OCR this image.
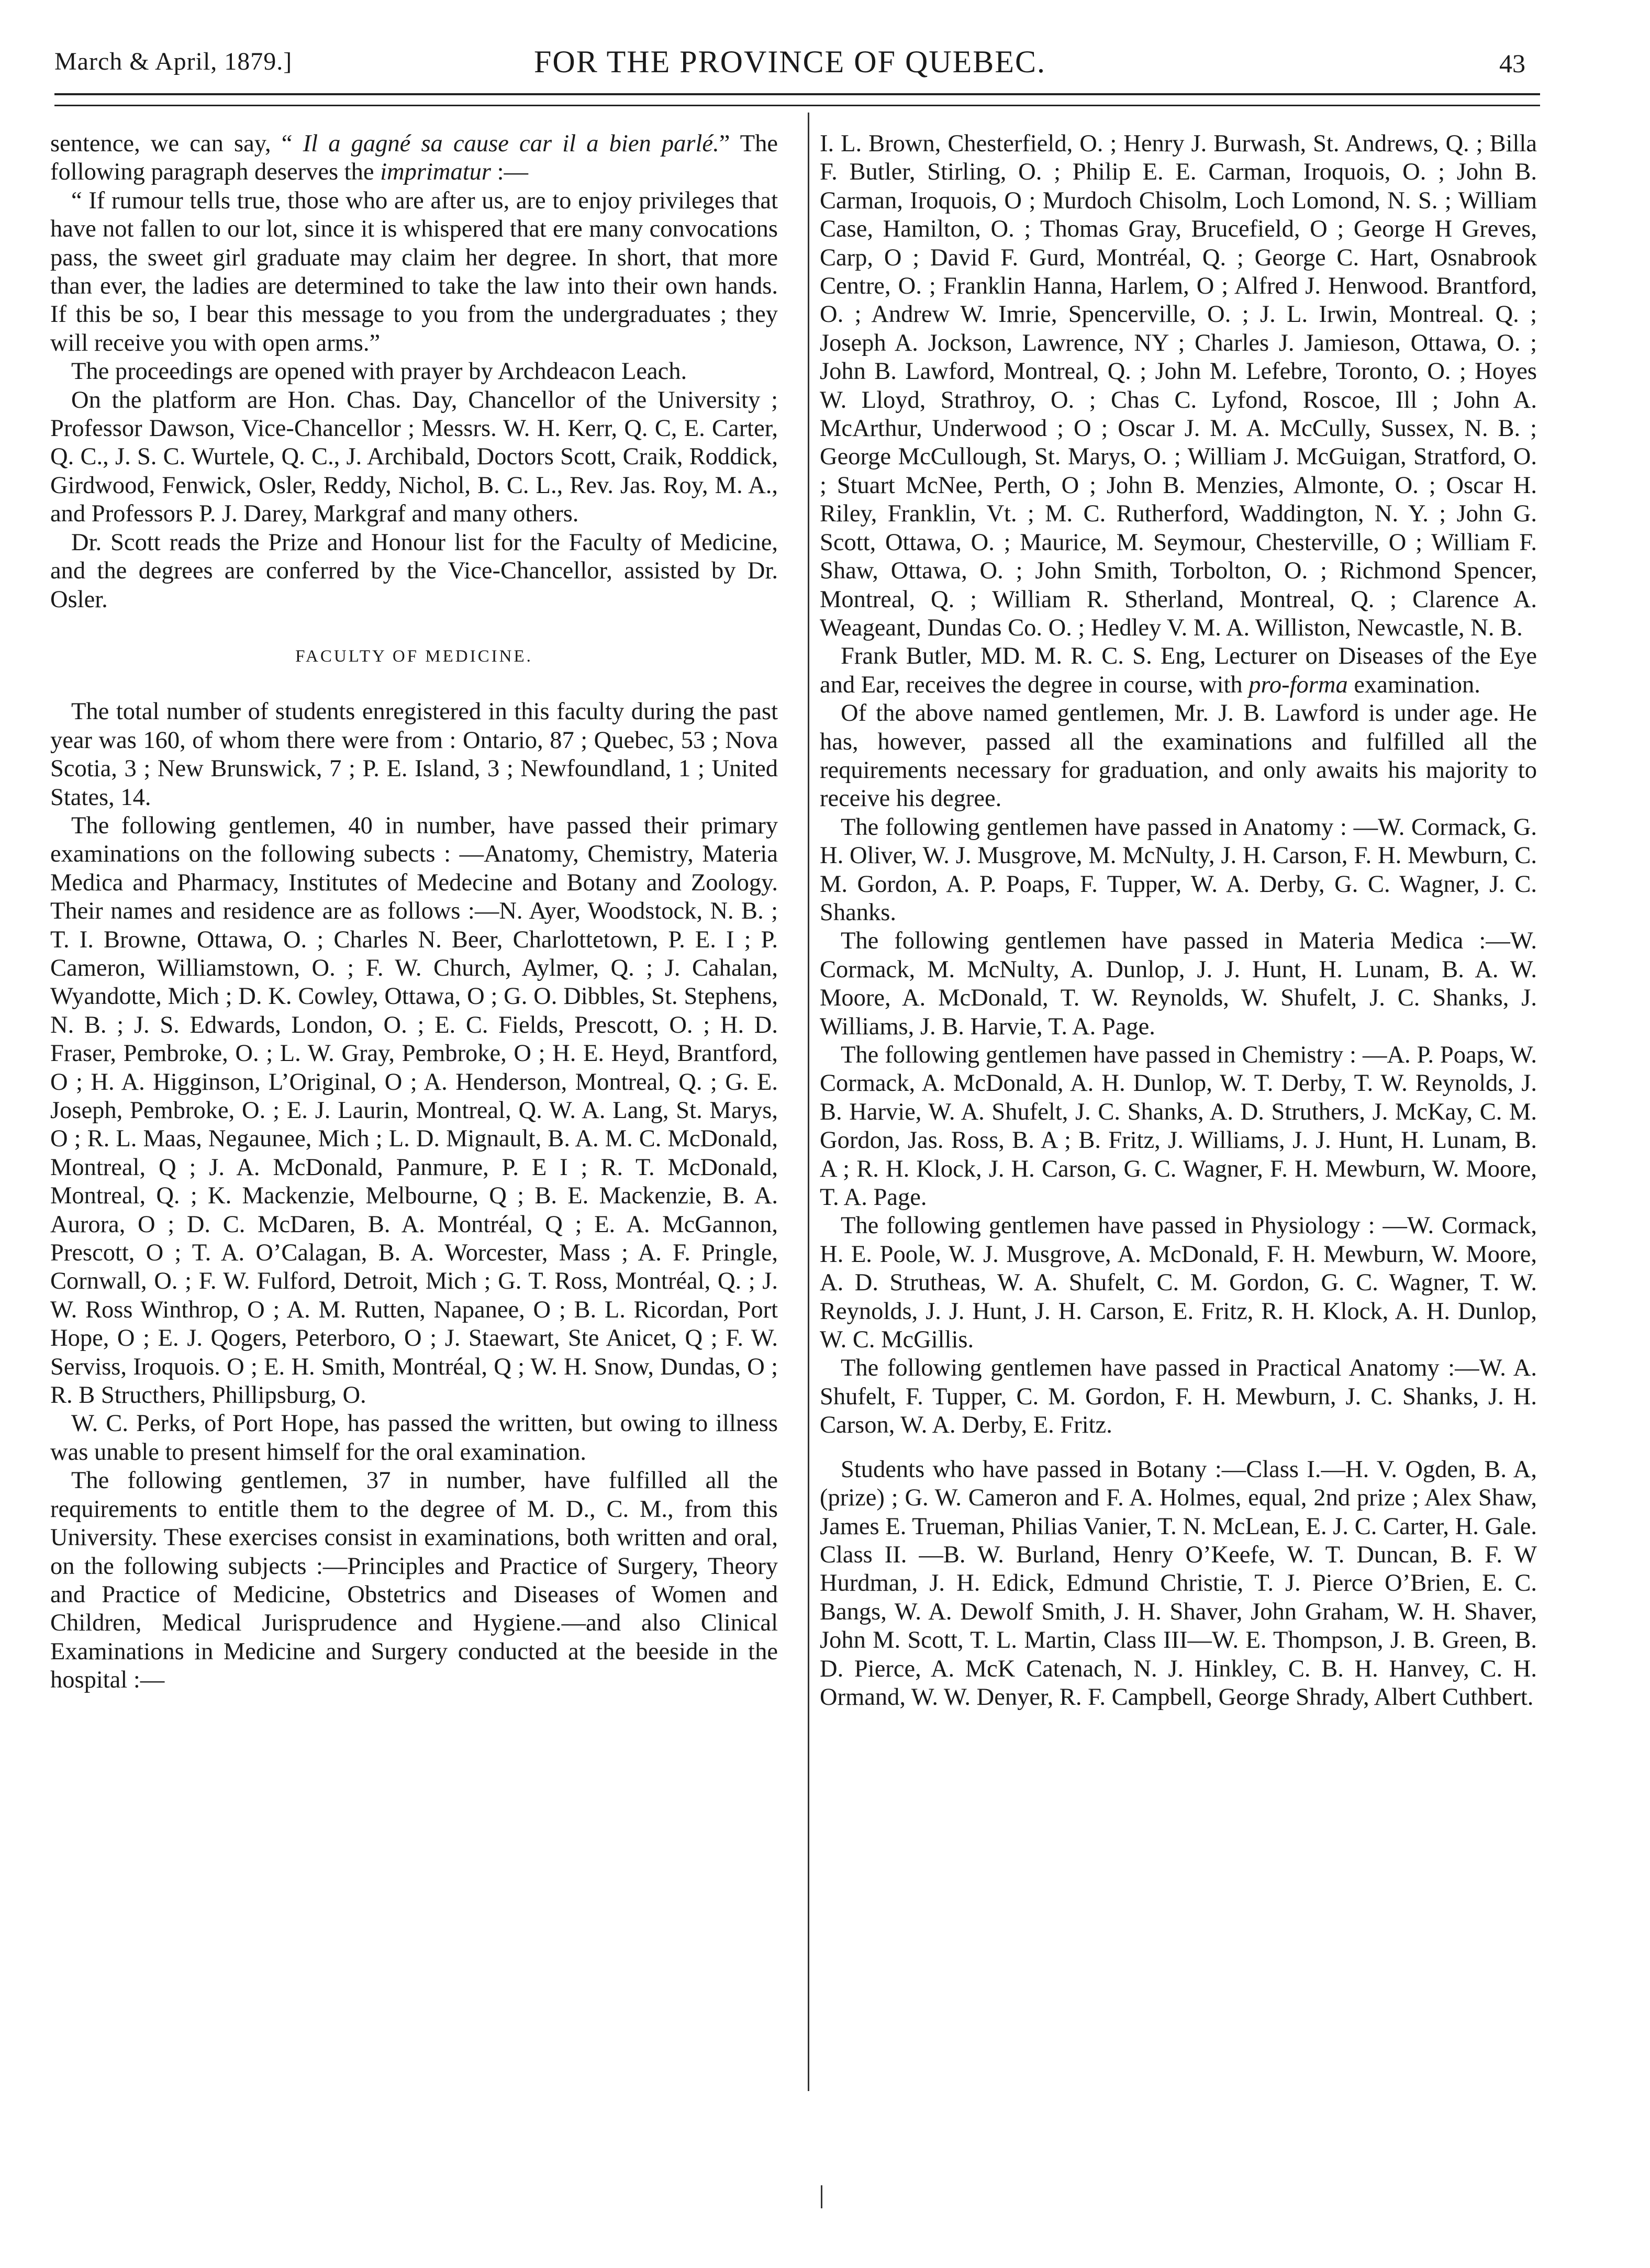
March & April, 1879.]	FOR THE PROVINCE OF QUEBEC.	43

sentence, we can say, “ Il a gagné sa cause car il a bien parlé.” The following paragraph deserves the imprimatur :—

“ If rumour tells true, those who are after us, are to enjoy privileges that have not fallen to our lot, since it is whispered that ere many convocations pass, the sweet girl graduate may claim her degree. In short, that more than ever, the ladies are determined to take the law into their own hands. If this be so, I bear this message to you from the undergraduates ; they will receive you with open arms.”

The proceedings are opened with prayer by Archdeacon Leach.

On the platform are Hon. Chas. Day, Chancellor of the University ; Professor Dawson, Vice-Chancellor ; Messrs. W. H. Kerr, Q. C, E. Carter, Q. C., J. S. C. Wurtele, Q. C., J. Archibald, Doctors Scott, Craik, Roddick, Girdwood, Fenwick, Osler, Reddy, Nichol, B. C. L., Rev. Jas. Roy, M. A., and Professors P. J. Darey, Markgraf and many others.

Dr. Scott reads the Prize and Honour list for the Faculty of Medicine, and the degrees are conferred by the Vice-Chancellor, assisted by Dr. Osler.

FACULTY OF MEDICINE.

The total number of students enregistered in this faculty during the past year was 160, of whom there were from : Ontario, 87 ; Quebec, 53 ; Nova Scotia, 3 ; New Brunswick, 7 ; P. E. Island, 3 ; Newfoundland, 1 ; United States, 14.

The following gentlemen, 40 in number, have passed their primary examinations on the following subects : —Anatomy, Chemistry, Materia Medica and Pharmacy, Institutes of Medecine and Botany and Zoology. Their names and residence are as follows :—N. Ayer, Woodstock, N. B. ; T. I. Browne, Ottawa, O. ; Charles N. Beer, Charlottetown, P. E. I ; P. Cameron, Williamstown, O. ; F. W. Church, Aylmer, Q. ; J. Cahalan, Wyandotte, Mich ; D. K. Cowley, Ottawa, O ; G. O. Dibbles, St. Stephens, N. B. ; J. S. Edwards, London, O. ; E. C. Fields, Prescott, O. ; H. D. Fraser, Pembroke, O. ; L. W. Gray, Pembroke, O ; H. E. Heyd, Brantford, O ; H. A. Higginson, L’Original, O ; A. Henderson, Montreal, Q. ; G. E. Joseph, Pembroke, O. ; E. J. Laurin, Montreal, Q. W. A. Lang, St. Marys, O ; R. L. Maas, Negaunee, Mich ; L. D. Mignault, B. A. M. C. McDonald, Montreal, Q ; J. A. McDonald, Panmure, P. E I ; R. T. McDonald, Montreal, Q. ; K. Mackenzie, Melbourne, Q ; B. E. Mackenzie, B. A. Aurora, O ; D. C. McDaren, B. A. Montréal, Q ; E. A. McGannon, Prescott, O ; T. A. O’Calagan, B. A. Worcester, Mass ; A. F. Pringle, Cornwall, O. ; F. W. Fulford, Detroit, Mich ; G. T. Ross, Montréal, Q. ; J. W. Ross Winthrop, O ; A. M. Rutten, Napanee, O ; B. L. Ricordan, Port Hope, O ; E. J. Qogers, Peterboro, O ; J. Staewart, Ste Anicet, Q ; F. W. Serviss, Iroquois. O ; E. H. Smith, Montréal, Q ; W. H. Snow, Dundas, O ; R. B Structhers, Phillipsburg, O.

W. C. Perks, of Port Hope, has passed the written, but owing to illness was unable to present himself for the oral examination.

The following gentlemen, 37 in number, have fulfilled all the requirements to entitle them to the degree of M. D., C. M., from this University. These exercises consist in examinations, both written and oral, on the following subjects :—Principles and Practice of Surgery, Theory and Practice of Medicine, Obstetrics and Diseases of Women and Children, Medical Jurisprudence and Hygiene.—and also Clinical Examinations in Medicine and Surgery conducted at the beeside in the hospital :—

I. L. Brown, Chesterfield, O. ; Henry J. Burwash, St. Andrews, Q. ; Billa F. Butler, Stirling, O. ; Philip E. E. Carman, Iroquois, O. ; John B. Carman, Iroquois, O ; Murdoch Chisolm, Loch Lomond, N. S. ; William Case, Hamilton, O. ; Thomas Gray, Brucefield, O ; George H Greves, Carp, O ; David F. Gurd, Montréal, Q. ; George C. Hart, Osnabrook Centre, O. ; Franklin Hanna, Harlem, O ; Alfred J. Henwood. Brantford, O. ; Andrew W. Imrie, Spencerville, O. ; J. L. Irwin, Montreal. Q. ; Joseph A. Jockson, Lawrence, NY ; Charles J. Jamieson, Ottawa, O. ; John B. Lawford, Montreal, Q. ; John M. Lefebre, Toronto, O. ; Hoyes W. Lloyd, Strathroy, O. ; Chas C. Lyfond, Roscoe, Ill ; John A. McArthur, Underwood ; O ; Oscar J. M. A. McCully, Sussex, N. B. ; George McCullough, St. Marys, O. ; William J. McGuigan, Stratford, O. ; Stuart McNee, Perth, O ; John B. Menzies, Almonte, O. ; Oscar H. Riley, Franklin, Vt. ; M. C. Rutherford, Waddington, N. Y. ; John G. Scott, Ottawa, O. ; Maurice, M. Seymour, Chesterville, O ; William F. Shaw, Ottawa, O. ; John Smith, Torbolton, O. ; Richmond Spencer, Montreal, Q. ; William R. Stherland, Montreal, Q. ; Clarence A. Weageant, Dundas Co. O. ; Hedley V. M. A. Williston, Newcastle, N. B.

Frank Butler, MD. M. R. C. S. Eng, Lecturer on Diseases of the Eye and Ear, receives the degree in course, with pro-forma examination.

Of the above named gentlemen, Mr. J. B. Lawford is under age. He has, however, passed all the examinations and fulfilled all the requirements necessary for graduation, and only awaits his majority to receive his degree.

The following gentlemen have passed in Anatomy : —W. Cormack, G. H. Oliver, W. J. Musgrove, M. McNulty, J. H. Carson, F. H. Mewburn, C. M. Gordon, A. P. Poaps, F. Tupper, W. A. Derby, G. C. Wagner, J. C. Shanks.

The following gentlemen have passed in Materia Medica :—W. Cormack, M. McNulty, A. Dunlop, J. J. Hunt, H. Lunam, B. A. W. Moore, A. McDonald, T. W. Reynolds, W. Shufelt, J. C. Shanks, J. Williams, J. B. Harvie, T. A. Page.

The following gentlemen have passed in Chemistry : —A. P. Poaps, W. Cormack, A. McDonald, A. H. Dunlop, W. T. Derby, T. W. Reynolds, J. B. Harvie, W. A. Shufelt, J. C. Shanks, A. D. Struthers, J. McKay, C. M. Gordon, Jas. Ross, B. A ; B. Fritz, J. Williams, J. J. Hunt, H. Lunam, B. A ; R. H. Klock, J. H. Carson, G. C. Wagner, F. H. Mewburn, W. Moore, T. A. Page.

The following gentlemen have passed in Physiology : —W. Cormack, H. E. Poole, W. J. Musgrove, A. McDonald, F. H. Mewburn, W. Moore, A. D. Strutheas, W. A. Shufelt, C. M. Gordon, G. C. Wagner, T. W. Reynolds, J. J. Hunt, J. H. Carson, E. Fritz, R. H. Klock, A. H. Dunlop, W. C. McGillis.

The following gentlemen have passed in Practical Anatomy :—W. A. Shufelt, F. Tupper, C. M. Gordon, F. H. Mewburn, J. C. Shanks, J. H. Carson, W. A. Derby, E. Fritz.

Students who have passed in Botany :—Class I.—H. V. Ogden, B. A, (prize) ; G. W. Cameron and F. A. Holmes, equal, 2nd prize ; Alex Shaw, James E. Trueman, Philias Vanier, T. N. McLean, E. J. C. Carter, H. Gale. Class II. —B. W. Burland, Henry O’Keefe, W. T. Duncan, B. F. W Hurdman, J. H. Edick, Edmund Christie, T. J. Pierce O’Brien, E. C. Bangs, W. A. Dewolf Smith, J. H. Shaver, John Graham, W. H. Shaver, John M. Scott, T. L. Martin, Class III—W. E. Thompson, J. B. Green, B. D. Pierce, A. McK Catenach, N. J. Hinkley, C. B. H. Hanvey, C. H. Ormand, W. W. Denyer, R. F. Campbell, George Shrady, Albert Cuthbert.
